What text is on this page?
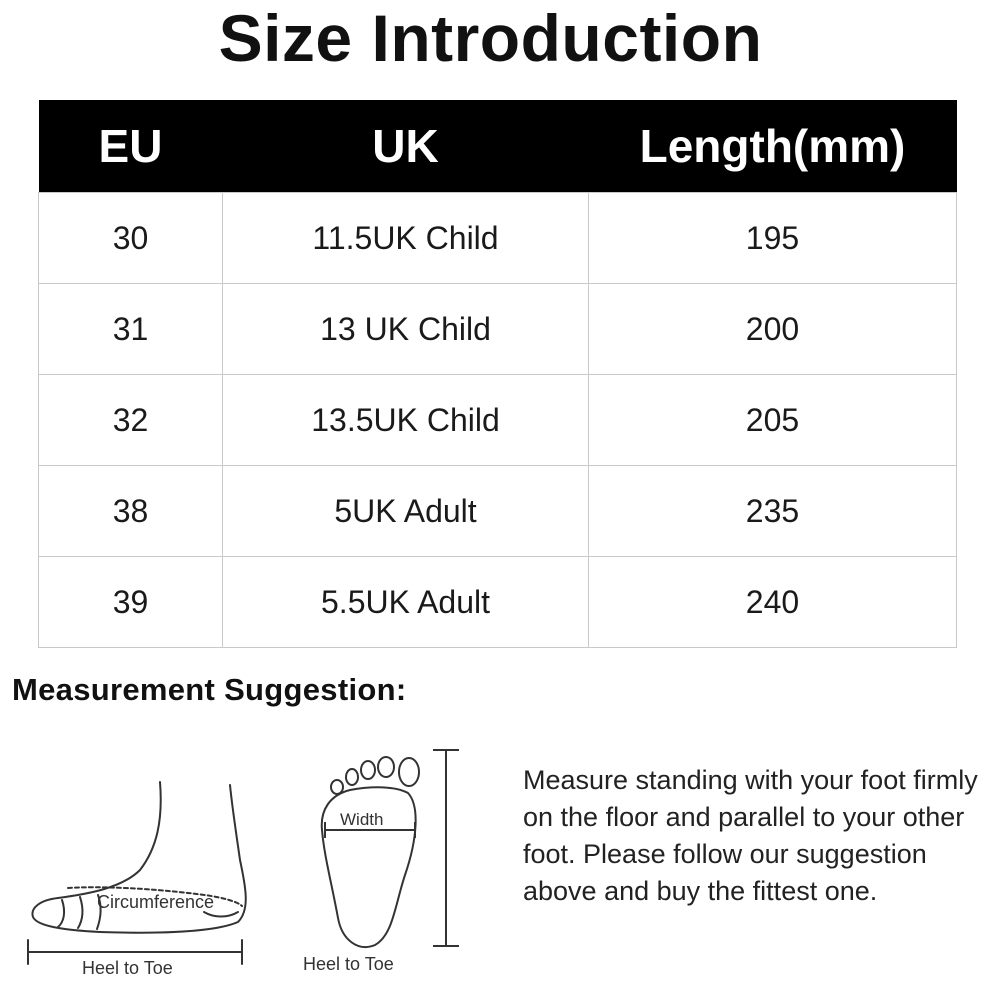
Size Introduction
EU	UK	Length(mm)
30	11.5UK Child	195
31	13 UK Child	200
32	13.5UK Child	205
38	5UK Adult	235
39	5.5UK Adult	240
Measurement Suggestion:
Circumference
Heel to Toe
Width
Heel to Toe
Measure standing with your foot firmly on the floor and parallel to your other foot. Please follow our suggestion above and buy the fittest one.
